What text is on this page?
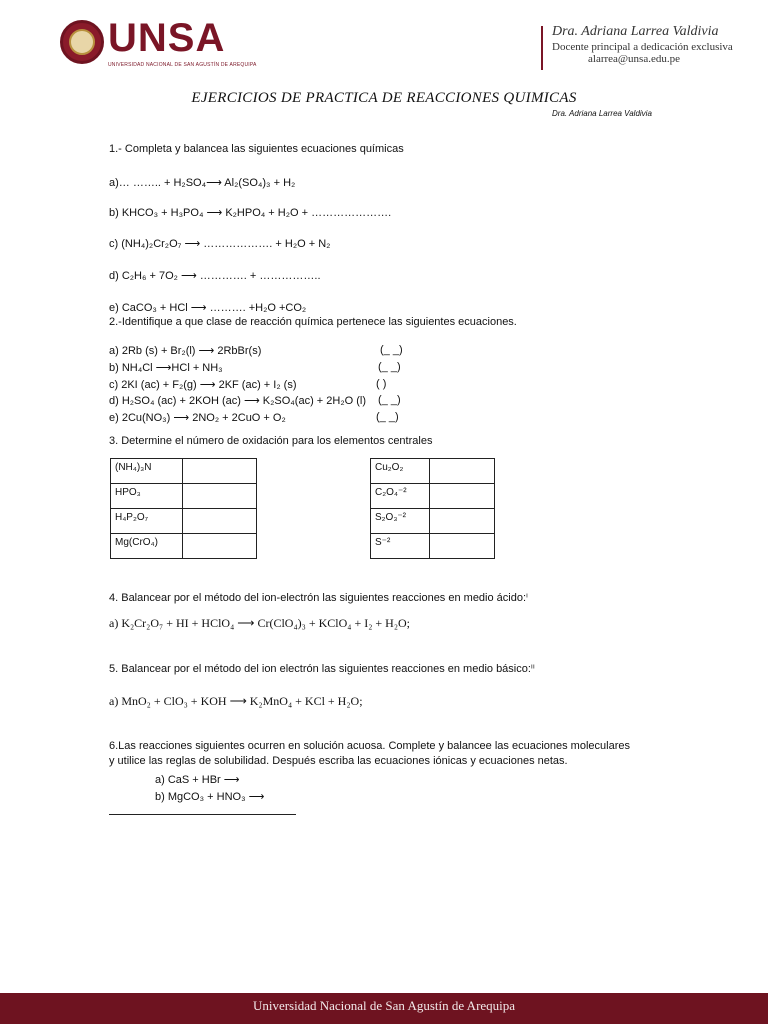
UNSA
UNIVERSIDAD NACIONAL DE SAN AGUSTÍN DE AREQUIPA
Dra. Adriana Larrea Valdivia
Docente principal a dedicación exclusiva
alarrea@unsa.edu.pe
EJERCICIOS DE PRACTICA DE REACCIONES QUIMICAS
Dra. Adriana Larrea Valdivia
1.- Completa y balancea las siguientes ecuaciones químicas
a)… …….. + H₂SO₄⟶ Al₂(SO₄)₃ + H₂
b) KHCO₃ + H₃PO₄ ⟶ K₂HPO₄ + H₂O + ………………….
c) (NH₄)₂Cr₂O₇ ⟶ ………………. + H₂O + N₂
d) C₂H₆ + 7O₂ ⟶ …………. + ……………..
e) CaCO₃ + HCl ⟶ ………. +H₂O +CO₂
2.-Identifique a que clase de reacción química pertenece las siguientes ecuaciones.
a) 2Rb (s) + Br₂(l) ⟶ 2RbBr(s)	(_ _)
b) NH₄Cl ⟶HCl + NH₃	(_ _)
c) 2KI (ac) + F₂(g) ⟶ 2KF (ac) + I₂ (s)	( )
d) H₂SO₄ (ac) + 2KOH (ac) ⟶ K₂SO₄(ac) + 2H₂O (l) (_ _)
e) 2Cu(NO₃) ⟶ 2NO₂ + 2CuO + O₂	(_ _)
3. Determine el número de oxidación para los elementos centrales
(NH₄)₃N	
HPO₃	
H₄P₂O₇	
Mg(CrO₄)	
Cu₂O₂	
C₂O₄⁻²	
S₂O₃⁻²	
S⁻²	
4. Balancear por el método del ion-electrón las siguientes reacciones en medio ácido:ⁱ
a) K₂Cr₂O₇ + HI + HClO₄ ⟶ Cr(ClO₄)₃ + KClO₄ + I₂ + H₂O;
5. Balancear por el método del ion electrón las siguientes reacciones en medio básico:ⁱⁱ
a) MnO₂ + ClO₃ + KOH ⟶ K₂MnO₄ + KCl + H₂O;
6.Las reacciones siguientes ocurren en solución acuosa. Complete y balancee las ecuaciones moleculares
y utilice las reglas de solubilidad. Después escriba las ecuaciones iónicas y ecuaciones netas.
a) CaS + HBr ⟶
b) MgCO₃ + HNO₃ ⟶
Universidad Nacional de San Agustín de Arequipa
